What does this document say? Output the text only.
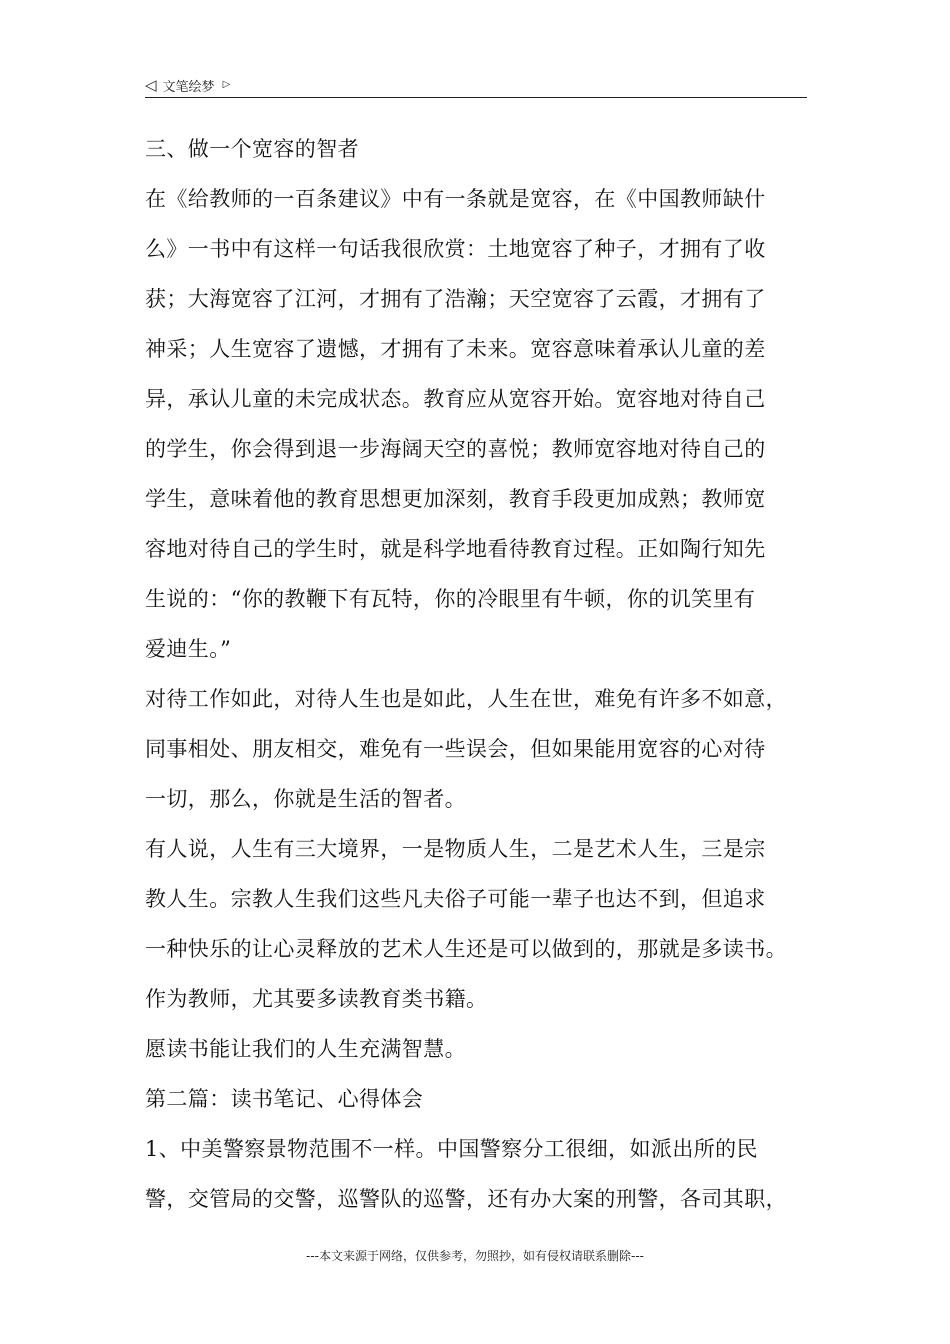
◁ 文笔绘梦 ▷
三、做一个宽容的智者
在《给教师的一百条建议》中有一条就是宽容，在《中国教师缺什
么》一书中有这样一句话我很欣赏：土地宽容了种子，才拥有了收
获；大海宽容了江河，才拥有了浩瀚；天空宽容了云霞，才拥有了
神采；人生宽容了遗憾，才拥有了未来。宽容意味着承认儿童的差
异，承认儿童的未完成状态。教育应从宽容开始。宽容地对待自己
的学生，你会得到退一步海阔天空的喜悦；教师宽容地对待自己的
学生，意味着他的教育思想更加深刻，教育手段更加成熟；教师宽
容地对待自己的学生时，就是科学地看待教育过程。正如陶行知先
生说的：“你的教鞭下有瓦特，你的冷眼里有牛顿，你的讥笑里有
爱迪生。”
对待工作如此，对待人生也是如此，人生在世，难免有许多不如意，
同事相处、朋友相交，难免有一些误会，但如果能用宽容的心对待
一切，那么，你就是生活的智者。
有人说，人生有三大境界，一是物质人生，二是艺术人生，三是宗
教人生。宗教人生我们这些凡夫俗子可能一辈子也达不到，但追求
一种快乐的让心灵释放的艺术人生还是可以做到的，那就是多读书。
作为教师，尤其要多读教育类书籍。
愿读书能让我们的人生充满智慧。
第二篇：读书笔记、心得体会
1、中美警察景物范围不一样。中国警察分工很细，如派出所的民
警，交管局的交警，巡警队的巡警，还有办大案的刑警，各司其职，
---本文来源于网络，仅供参考，勿照抄，如有侵权请联系删除---
